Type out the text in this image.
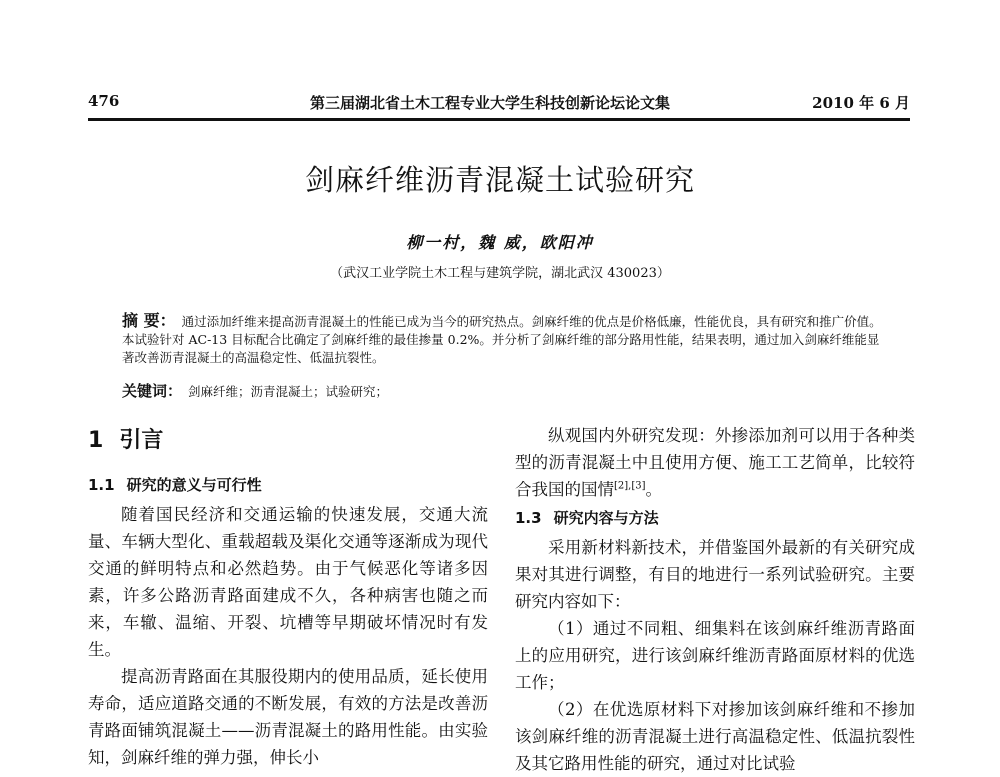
476	第三届湖北省土木工程专业大学生科技创新论坛论文集	2010 年 6 月
剑麻纤维沥青混凝土试验研究
柳一村，魏 威，欧阳冲
（武汉工业学院土木工程与建筑学院，湖北武汉 430023）
摘 要： 通过添加纤维来提高沥青混凝土的性能已成为当今的研究热点。剑麻纤维的优点是价格低廉，性能优良，具有研究和推广价值。本试验针对 AC-13 目标配合比确定了剑麻纤维的最佳掺量 0.2%。并分析了剑麻纤维的部分路用性能，结果表明，通过加入剑麻纤维能显著改善沥青混凝土的高温稳定性、低温抗裂性。
关键词： 剑麻纤维；沥青混凝土；试验研究；
1 引言
1.1 研究的意义与可行性

随着国民经济和交通运输的快速发展，交通大流量、车辆大型化、重载超载及渠化交通等逐渐成为现代交通的鲜明特点和必然趋势。由于气候恶化等诸多因素，许多公路沥青路面建成不久，各种病害也随之而来，车辙、温缩、开裂、坑槽等早期破坏情况时有发生。

提高沥青路面在其服役期内的使用品质，延长使用寿命，适应道路交通的不断发展，有效的方法是改善沥青路面铺筑混凝土——沥青混凝土的路用性能。由实验知，剑麻纤维的弹力强，伸长小

纵观国内外研究发现：外掺添加剂可以用于各种类型的沥青混凝土中且使用方便、施工工艺简单，比较符合我国的国情[2],[3]。

1.3 研究内容与方法

采用新材料新技术，并借鉴国外最新的有关研究成果对其进行调整，有目的地进行一系列试验研究。主要研究内容如下：

（1）通过不同粗、细集料在该剑麻纤维沥青路面上的应用研究，进行该剑麻纤维沥青路面原材料的优选工作；

（2）在优选原材料下对掺加该剑麻纤维和不掺加该剑麻纤维的沥青混凝土进行高温稳定性、低温抗裂性及其它路用性能的研究，通过对比试验
